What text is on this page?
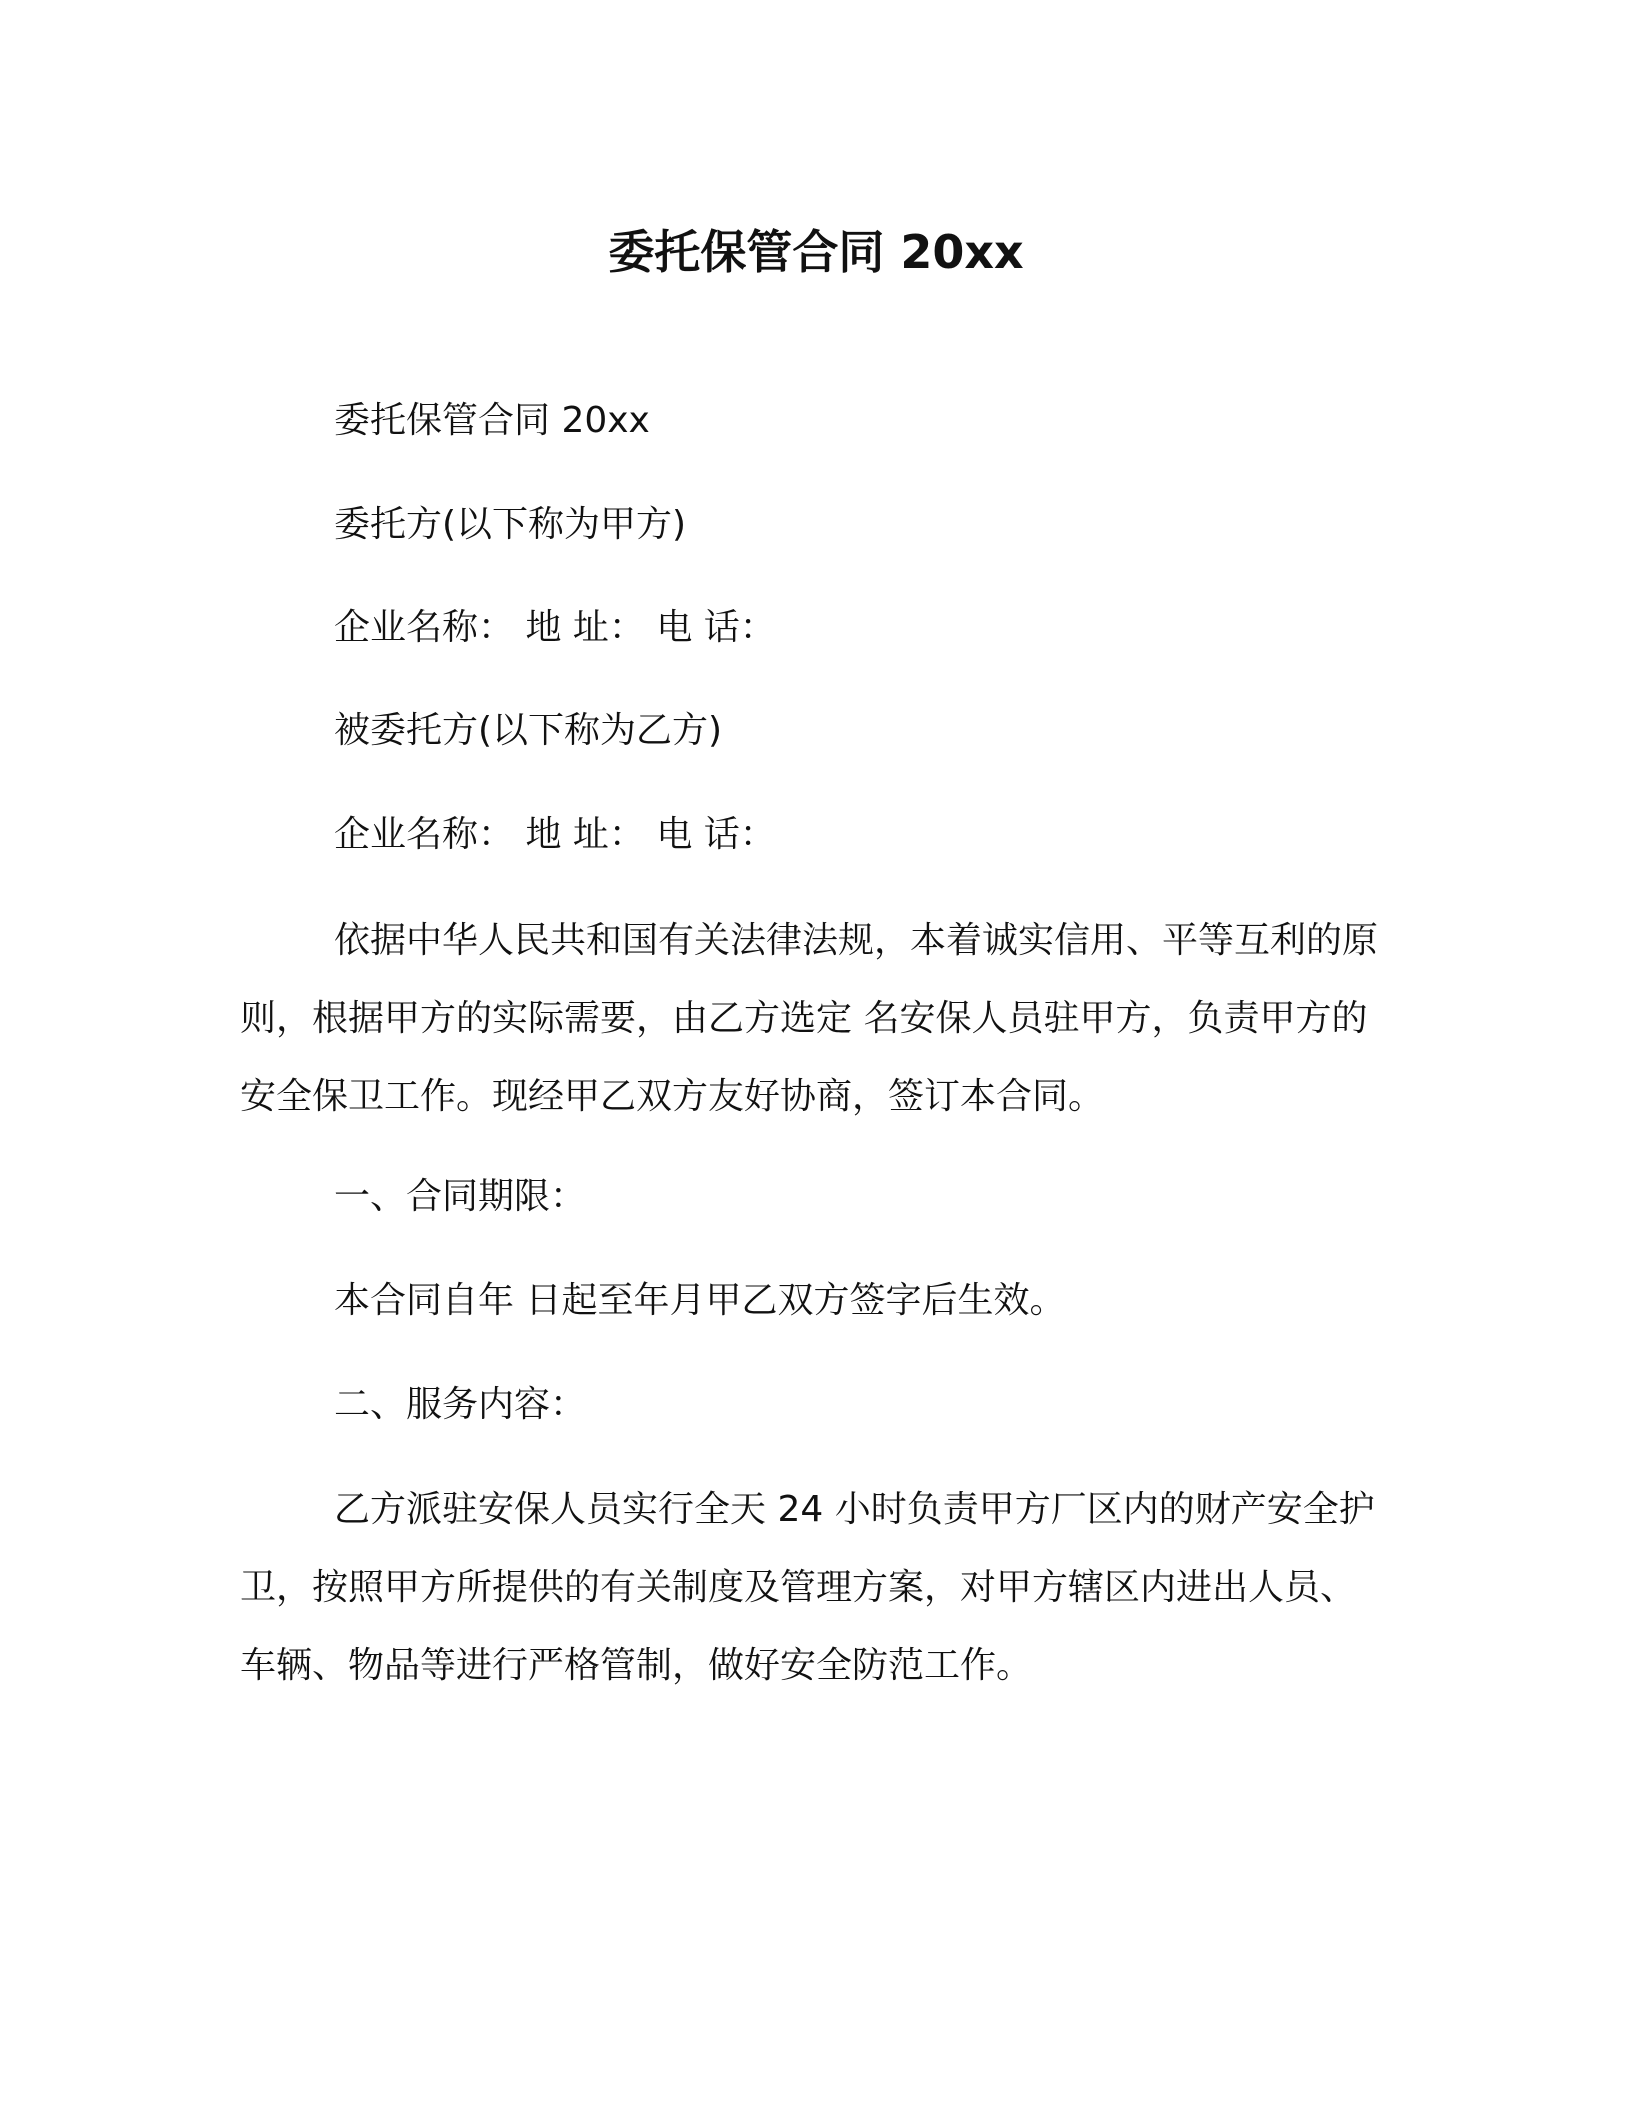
委托保管合同 20xx
委托保管合同 20xx
委托方(以下称为甲方)
企业名称： 地 址： 电 话：
被委托方(以下称为乙方)
企业名称： 地 址： 电 话：
依据中华人民共和国有关法律法规，本着诚实信用、平等互利的原则，根据甲方的实际需要，由乙方选定 名安保人员驻甲方，负责甲方的安全保卫工作。现经甲乙双方友好协商，签订本合同。
一、合同期限：
本合同自年 日起至年月甲乙双方签字后生效。
二、服务内容：
乙方派驻安保人员实行全天 24 小时负责甲方厂区内的财产安全护卫，按照甲方所提供的有关制度及管理方案，对甲方辖区内进出人员、车辆、物品等进行严格管制，做好安全防范工作。
